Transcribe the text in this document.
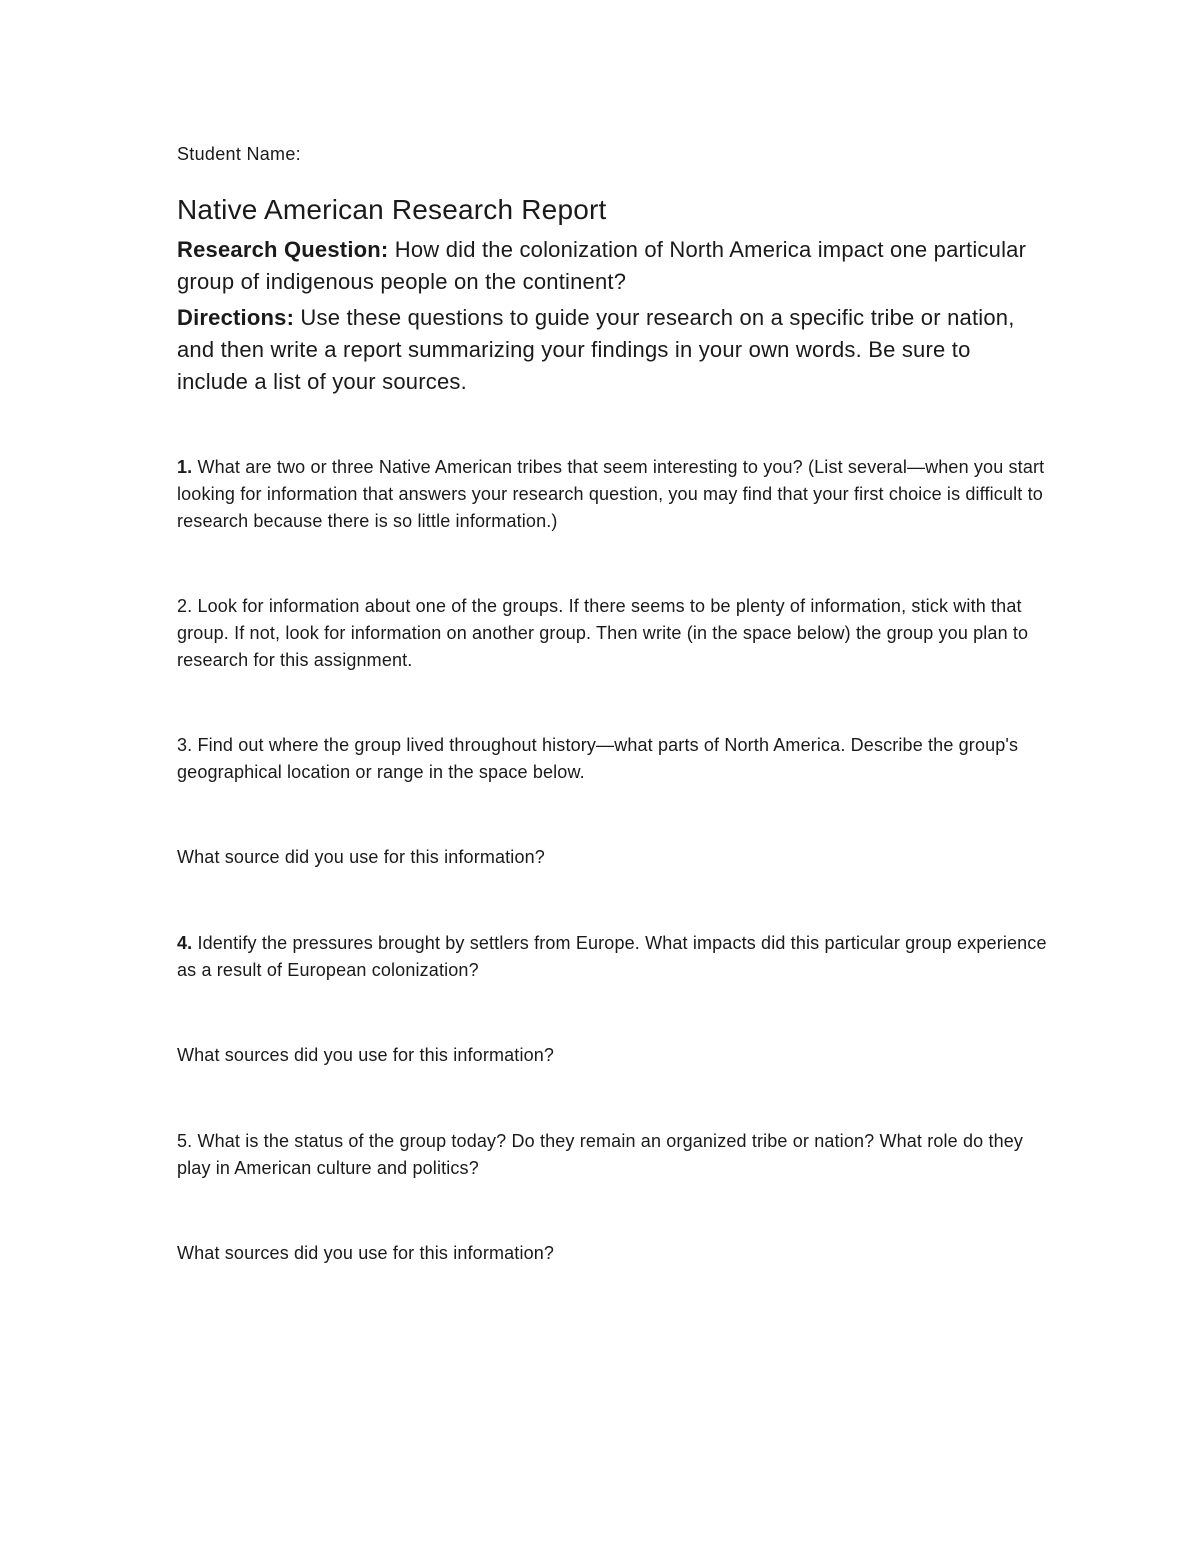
Student Name:

Native American Research Report

Research Question: How did the colonization of North America impact one particular group of indigenous people on the continent?

Directions: Use these questions to guide your research on a specific tribe or nation, and then write a report summarizing your findings in your own words. Be sure to include a list of your sources.

1. What are two or three Native American tribes that seem interesting to you? (List several—when you start looking for information that answers your research question, you may find that your first choice is difficult to research because there is so little information.)

2. Look for information about one of the groups. If there seems to be plenty of information, stick with that group. If not, look for information on another group. Then write (in the space below) the group you plan to research for this assignment.

3. Find out where the group lived throughout history—what parts of North America. Describe the group's geographical location or range in the space below.

What source did you use for this information?

4. Identify the pressures brought by settlers from Europe. What impacts did this particular group experience as a result of European colonization?

What sources did you use for this information?

5. What is the status of the group today? Do they remain an organized tribe or nation? What role do they play in American culture and politics?

What sources did you use for this information?
